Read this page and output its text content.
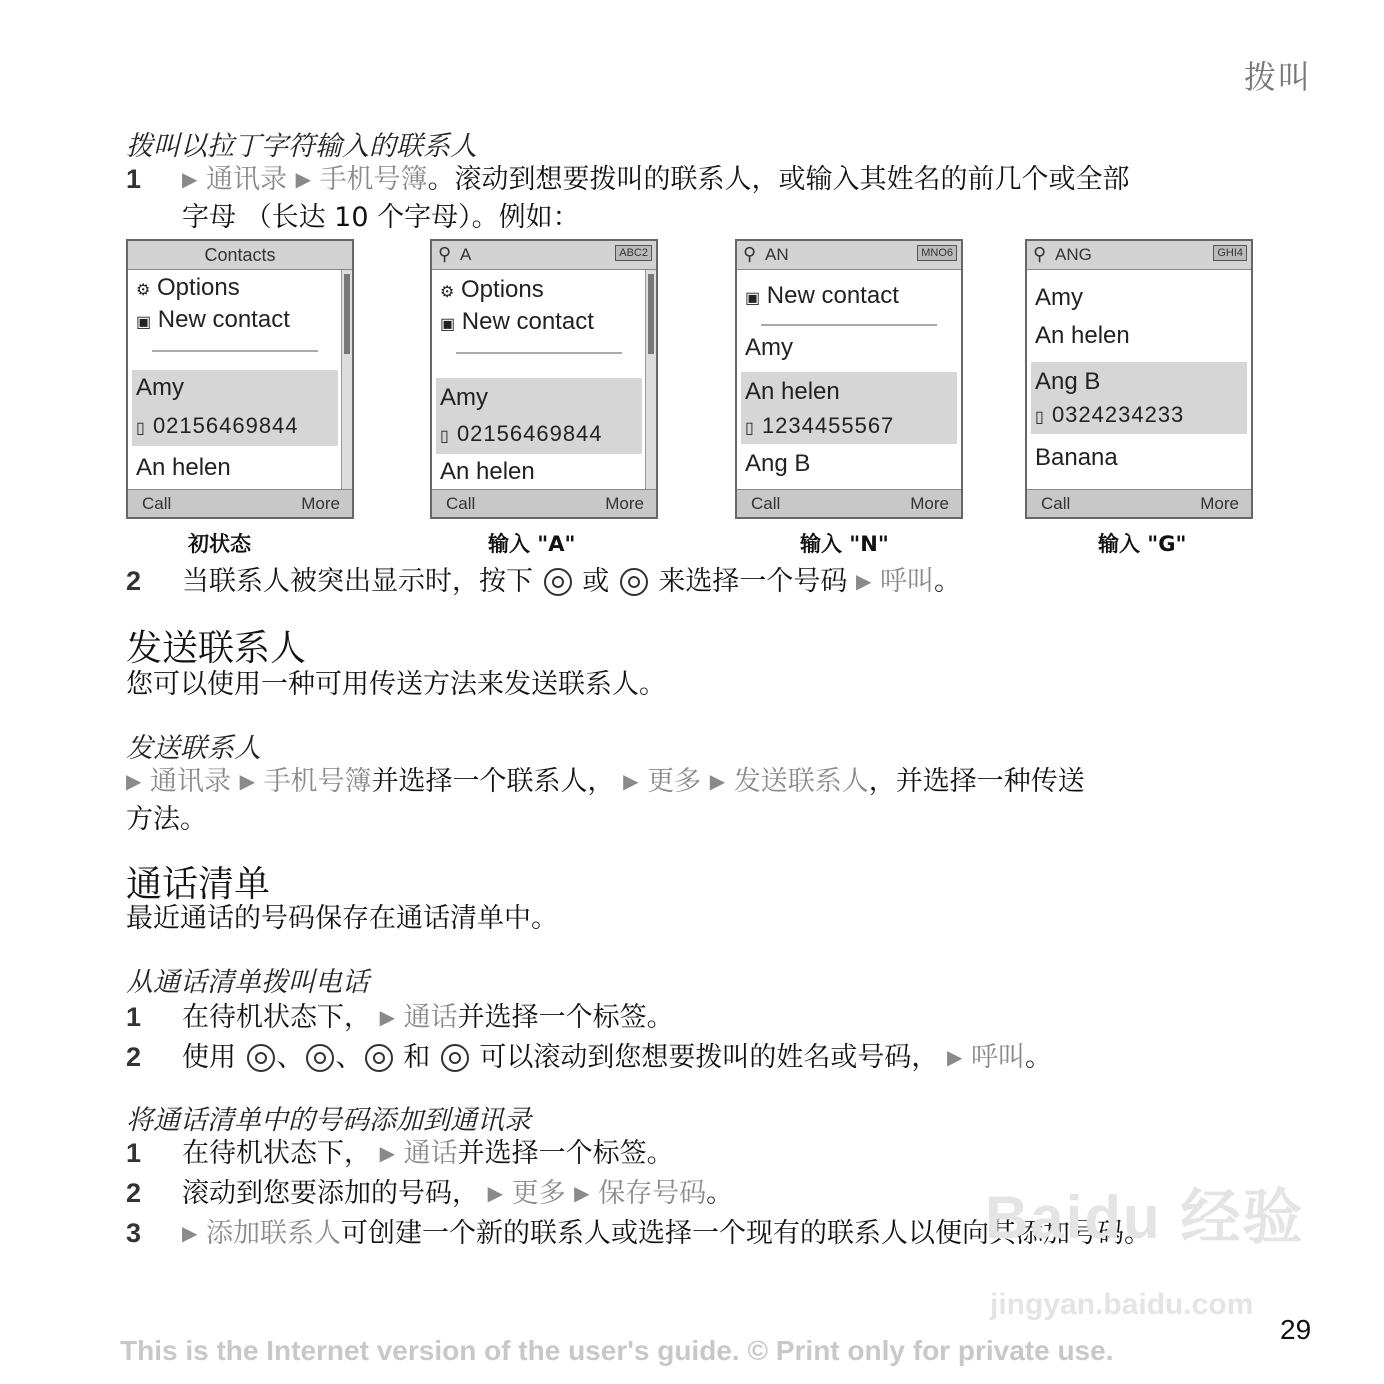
拨叫
拨叫以拉丁字符输入的联系人
1 ▶ 通讯录 ▶ 手机号簿。滚动到想要拨叫的联系人，或输入其姓名的前几个或全部
字母 （长达 10 个字母）。例如：
Contacts
⚙ Options
▣ New contact
Amy
▯ 02156469844
An helen
Call	More
⚲ A	ABC2
⚙ Options
▣ New contact
Amy
▯ 02156469844
An helen
Call	More
⚲ AN	MNO6
▣ New contact
Amy
An helen
▯ 1234455567
Ang B
Call	More
⚲ ANG	GHI4
Amy
An helen
Ang B
▯ 0324234233
Banana
Call	More
初状态	输入 "A"	输入 "N"	输入 "G"
2 当联系人被突出显示时，按下 或 来选择一个号码 ▶ 呼叫。
发送联系人
您可以使用一种可用传送方法来发送联系人。
发送联系人
▶ 通讯录 ▶ 手机号簿并选择一个联系人， ▶ 更多 ▶ 发送联系人，并选择一种传送
方法。
通话清单
最近通话的号码保存在通话清单中。
从通话清单拨叫电话
1 在待机状态下， ▶ 通话并选择一个标签。
2 使用 、 、 和 可以滚动到您想要拨叫的姓名或号码， ▶ 呼叫。
将通话清单中的号码添加到通讯录
1 在待机状态下， ▶ 通话并选择一个标签。
2 滚动到您要添加的号码， ▶ 更多 ▶ 保存号码。
3 ▶ 添加联系人可创建一个新的联系人或选择一个现有的联系人以便向其添加号码。
Baidu 经验
jingyan.baidu.com
This is the Internet version of the user's guide. © Print only for private use.
29
